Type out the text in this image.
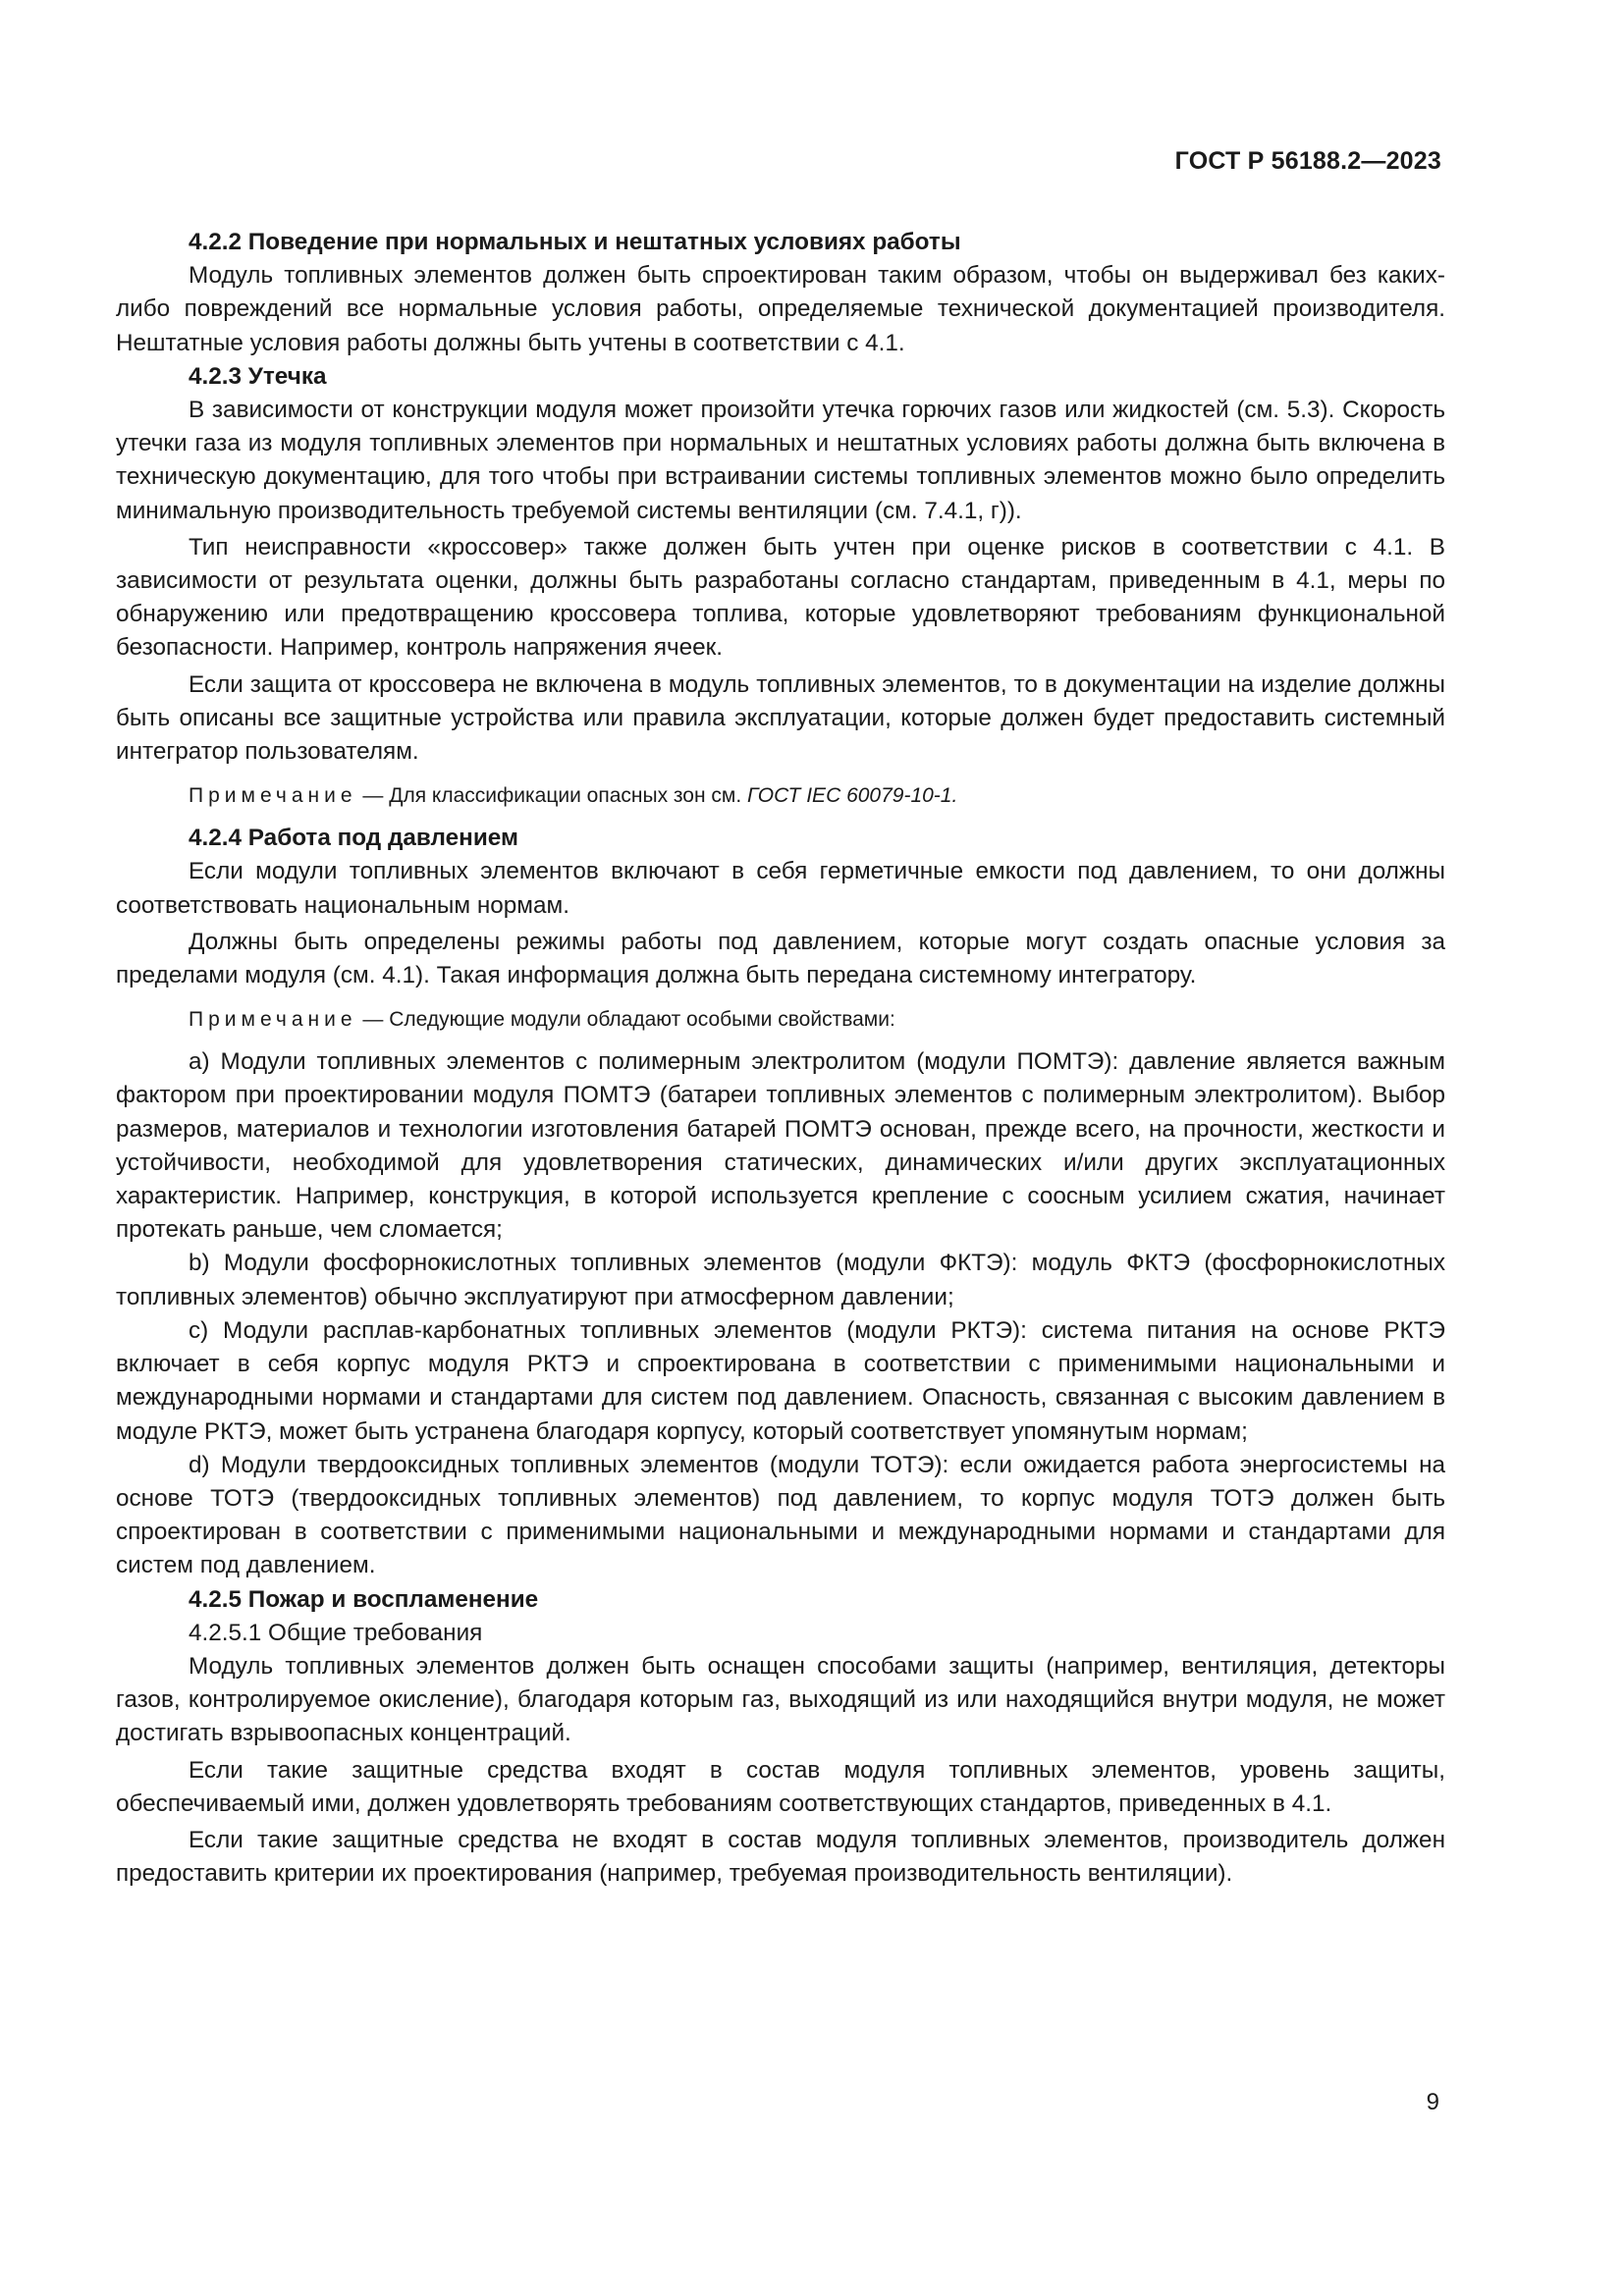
ГОСТ Р 56188.2—2023
4.2.2 Поведение при нормальных и нештатных условиях работы

Модуль топливных элементов должен быть спроектирован таким образом, чтобы он выдерживал без каких-либо повреждений все нормальные условия работы, определяемые технической документацией производителя. Нештатные условия работы должны быть учтены в соответствии с 4.1.

4.2.3 Утечка

В зависимости от конструкции модуля может произойти утечка горючих газов или жидкостей (см. 5.3). Скорость утечки газа из модуля топливных элементов при нормальных и нештатных условиях работы должна быть включена в техническую документацию, для того чтобы при встраивании системы топливных элементов можно было определить минимальную производительность требуемой системы вентиляции (см. 7.4.1, г)).

Тип неисправности «кроссовер» также должен быть учтен при оценке рисков в соответствии с 4.1. В зависимости от результата оценки, должны быть разработаны согласно стандартам, приведенным в 4.1, меры по обнаружению или предотвращению кроссовера топлива, которые удовлетворяют требованиям функциональной безопасности. Например, контроль напряжения ячеек.

Если защита от кроссовера не включена в модуль топливных элементов, то в документации на изделие должны быть описаны все защитные устройства или правила эксплуатации, которые должен будет предоставить системный интегратор пользователям.

Примечание — Для классификации опасных зон см. ГОСТ IEC 60079-10-1.
4.2.4 Работа под давлением

Если модули топливных элементов включают в себя герметичные емкости под давлением, то они должны соответствовать национальным нормам.

Должны быть определены режимы работы под давлением, которые могут создать опасные условия за пределами модуля (см. 4.1). Такая информация должна быть передана системному интегратору.

Примечание — Следующие модули обладают особыми свойствами:

а) Модули топливных элементов с полимерным электролитом (модули ПОМТЭ): давление является важным фактором при проектировании модуля ПОМТЭ (батареи топливных элементов с полимерным электролитом). Выбор размеров, материалов и технологии изготовления батарей ПОМТЭ основан, прежде всего, на прочности, жесткости и устойчивости, необходимой для удовлетворения статических, динамических и/или других эксплуатационных характеристик. Например, конструкция, в которой используется крепление с соосным усилием сжатия, начинает протекать раньше, чем сломается;

b) Модули фосфорнокислотных топливных элементов (модули ФКТЭ): модуль ФКТЭ (фосфорнокислотных топливных элементов) обычно эксплуатируют при атмосферном давлении;

с) Модули расплав-карбонатных топливных элементов (модули РКТЭ): система питания на основе РКТЭ включает в себя корпус модуля РКТЭ и спроектирована в соответствии с применимыми национальными и международными нормами и стандартами для систем под давлением. Опасность, связанная с высоким давлением в модуле РКТЭ, может быть устранена благодаря корпусу, который соответствует упомянутым нормам;

d) Модули твердооксидных топливных элементов (модули ТОТЭ): если ожидается работа энергосистемы на основе ТОТЭ (твердооксидных топливных элементов) под давлением, то корпус модуля ТОТЭ должен быть спроектирован в соответствии с применимыми национальными и международными нормами и стандартами для систем под давлением.

4.2.5 Пожар и воспламенение
4.2.5.1 Общие требования

Модуль топливных элементов должен быть оснащен способами защиты (например, вентиляция, детекторы газов, контролируемое окисление), благодаря которым газ, выходящий из или находящийся внутри модуля, не может достигать взрывоопасных концентраций.

Если такие защитные средства входят в состав модуля топливных элементов, уровень защиты, обеспечиваемый ими, должен удовлетворять требованиям соответствующих стандартов, приведенных в 4.1.

Если такие защитные средства не входят в состав модуля топливных элементов, производитель должен предоставить критерии их проектирования (например, требуемая производительность вентиляции).

9
